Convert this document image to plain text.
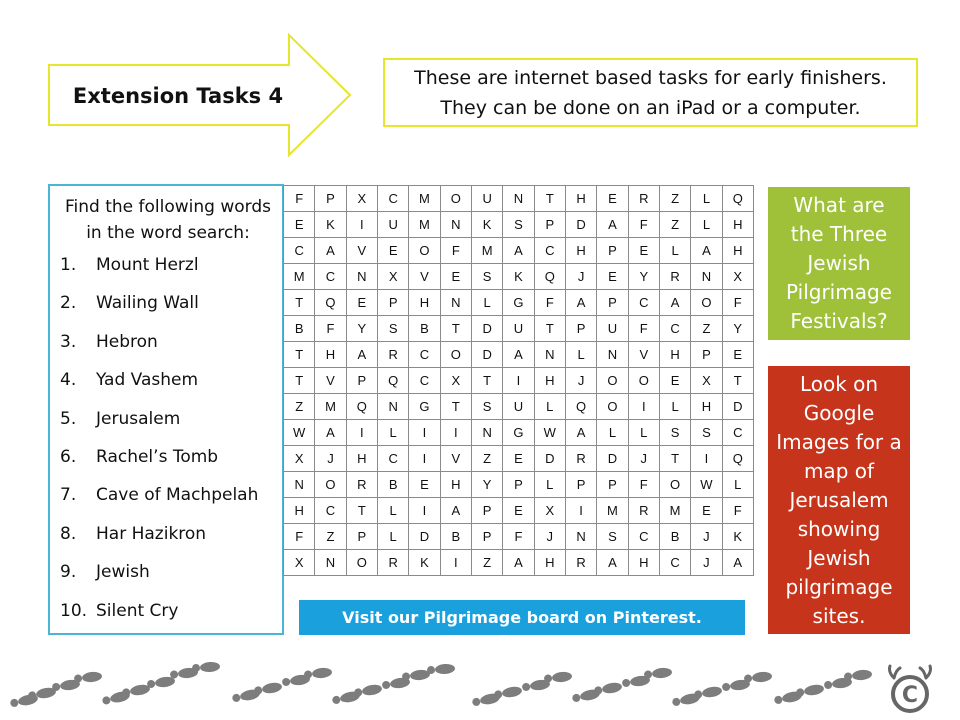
Extension Tasks 4
These are internet based tasks for early finishers.
They can be done on an iPad or a computer.
Find the following words
in the word search:
1.	Mount Herzl
2.	Wailing Wall
3.	Hebron
4.	Yad Vashem
5.	Jerusalem
6.	Rachel’s Tomb
7.	Cave of Machpelah
8.	Har Hazikron
9.	Jewish
10. Silent Cry
F	P	X	C	M	O	U	N	T	H	E	R	Z	L	Q
E	K	I	U	M	N	K	S	P	D	A	F	Z	L	H
C	A	V	E	O	F	M	A	C	H	P	E	L	A	H
M	C	N	X	V	E	S	K	Q	J	E	Y	R	N	X
T	Q	E	P	H	N	L	G	F	A	P	C	A	O	F
B	F	Y	S	B	T	D	U	T	P	U	F	C	Z	Y
T	H	A	R	C	O	D	A	N	L	N	V	H	P	E
T	V	P	Q	C	X	T	I	H	J	O	O	E	X	T
Z	M	Q	N	G	T	S	U	L	Q	O	I	L	H	D
W	A	I	L	I	I	N	G	W	A	L	L	S	S	C
X	J	H	C	I	V	Z	E	D	R	D	J	T	I	Q
N	O	R	B	E	H	Y	P	L	P	P	F	O	W	L
H	C	T	L	I	A	P	E	X	I	M	R	M	E	F
F	Z	P	L	D	B	P	F	J	N	S	C	B	J	K
X	N	O	R	K	I	Z	A	H	R	A	H	C	J	A
Visit our Pilgrimage board on Pinterest.
What are
the Three
Jewish
Pilgrimage
Festivals?
Look on
Google
Images for a
map of
Jerusalem
showing
Jewish
pilgrimage
sites.
C
